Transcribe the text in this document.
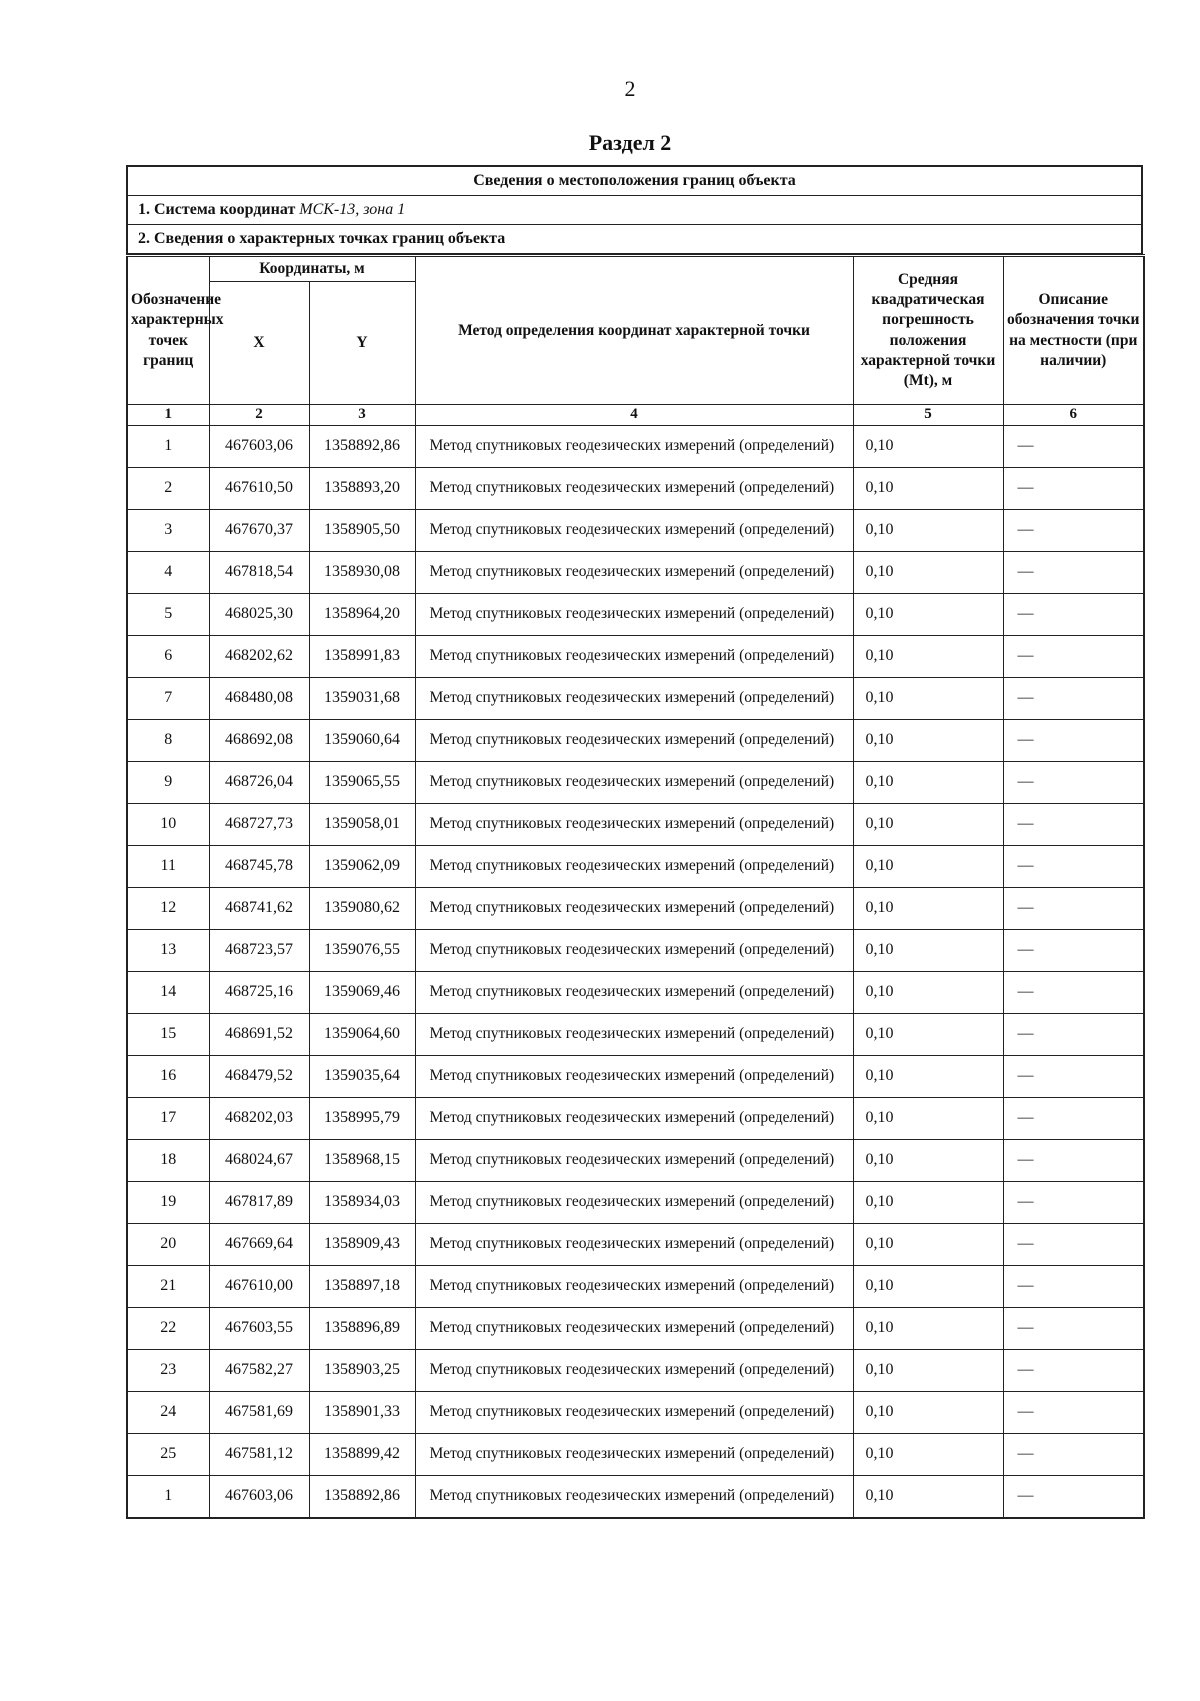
2
Раздел 2
Сведения о местоположения границ объекта
1. Система координат МСК-13, зона 1
2. Сведения о характерных точках границ объекта
Обозначение характерных точек границ	Координаты, м		Метод определения координат характерной точки	Средняя квадратическая погрешность положения характерной точки (Mt), м	Описание обозначения точки на местности (при наличии)
	X	Y			
1	2	3	4	5	6
1	467603,06	1358892,86	Метод спутниковых геодезических измерений (определений)	0,10	—
2	467610,50	1358893,20	Метод спутниковых геодезических измерений (определений)	0,10	—
3	467670,37	1358905,50	Метод спутниковых геодезических измерений (определений)	0,10	—
4	467818,54	1358930,08	Метод спутниковых геодезических измерений (определений)	0,10	—
5	468025,30	1358964,20	Метод спутниковых геодезических измерений (определений)	0,10	—
6	468202,62	1358991,83	Метод спутниковых геодезических измерений (определений)	0,10	—
7	468480,08	1359031,68	Метод спутниковых геодезических измерений (определений)	0,10	—
8	468692,08	1359060,64	Метод спутниковых геодезических измерений (определений)	0,10	—
9	468726,04	1359065,55	Метод спутниковых геодезических измерений (определений)	0,10	—
10	468727,73	1359058,01	Метод спутниковых геодезических измерений (определений)	0,10	—
11	468745,78	1359062,09	Метод спутниковых геодезических измерений (определений)	0,10	—
12	468741,62	1359080,62	Метод спутниковых геодезических измерений (определений)	0,10	—
13	468723,57	1359076,55	Метод спутниковых геодезических измерений (определений)	0,10	—
14	468725,16	1359069,46	Метод спутниковых геодезических измерений (определений)	0,10	—
15	468691,52	1359064,60	Метод спутниковых геодезических измерений (определений)	0,10	—
16	468479,52	1359035,64	Метод спутниковых геодезических измерений (определений)	0,10	—
17	468202,03	1358995,79	Метод спутниковых геодезических измерений (определений)	0,10	—
18	468024,67	1358968,15	Метод спутниковых геодезических измерений (определений)	0,10	—
19	467817,89	1358934,03	Метод спутниковых геодезических измерений (определений)	0,10	—
20	467669,64	1358909,43	Метод спутниковых геодезических измерений (определений)	0,10	—
21	467610,00	1358897,18	Метод спутниковых геодезических измерений (определений)	0,10	—
22	467603,55	1358896,89	Метод спутниковых геодезических измерений (определений)	0,10	—
23	467582,27	1358903,25	Метод спутниковых геодезических измерений (определений)	0,10	—
24	467581,69	1358901,33	Метод спутниковых геодезических измерений (определений)	0,10	—
25	467581,12	1358899,42	Метод спутниковых геодезических измерений (определений)	0,10	—
1	467603,06	1358892,86	Метод спутниковых геодезических измерений (определений)	0,10	—
